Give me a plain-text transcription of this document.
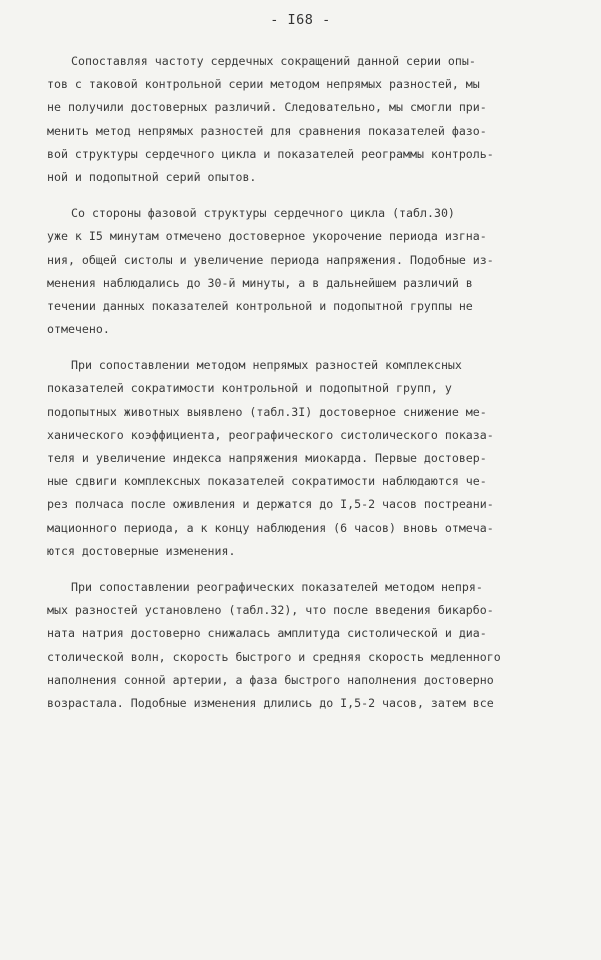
- I68 -
Сопоставляя частоту сердечных сокращений данной серии опы-
тов с таковой контрольной серии методом непрямых разностей, мы
не получили достоверных различий. Следовательно, мы смогли при-
менить метод непрямых разностей для сравнения показателей фазо-
вой структуры сердечного цикла и показателей реограммы контроль-
ной и подопытной серий опытов.
Со стороны фазовой структуры сердечного цикла (табл.30)
уже к I5 минутам отмечено достоверное укорочение периода изгна-
ния, общей систолы и увеличение периода напряжения. Подобные из-
менения наблюдались до 30-й минуты, а в дальнейшем различий в
течении данных показателей контрольной и подопытной группы не
отмечено.
При сопоставлении методом непрямых разностей комплексных
показателей сократимости контрольной и подопытной групп, у
подопытных животных выявлено (табл.3I) достоверное снижение ме-
ханического коэффициента, реографического систолического показа-
теля и увеличение индекса напряжения миокарда. Первые достовер-
ные сдвиги комплексных показателей сократимости наблюдаются че-
рез полчаса после оживления и держатся до I,5-2 часов постреани-
мационного периода, а к концу наблюдения (6 часов) вновь отмеча-
ются достоверные изменения.
При сопоставлении реографических показателей методом непря-
мых разностей установлено (табл.32), что после введения бикарбо-
ната натрия достоверно снижалась амплитуда систолической и диа-
столической волн, скорость быстрого и средняя скорость медленного
наполнения сонной артерии, а фаза быстрого наполнения достоверно
возрастала. Подобные изменения длились до I,5-2 часов, затем все
